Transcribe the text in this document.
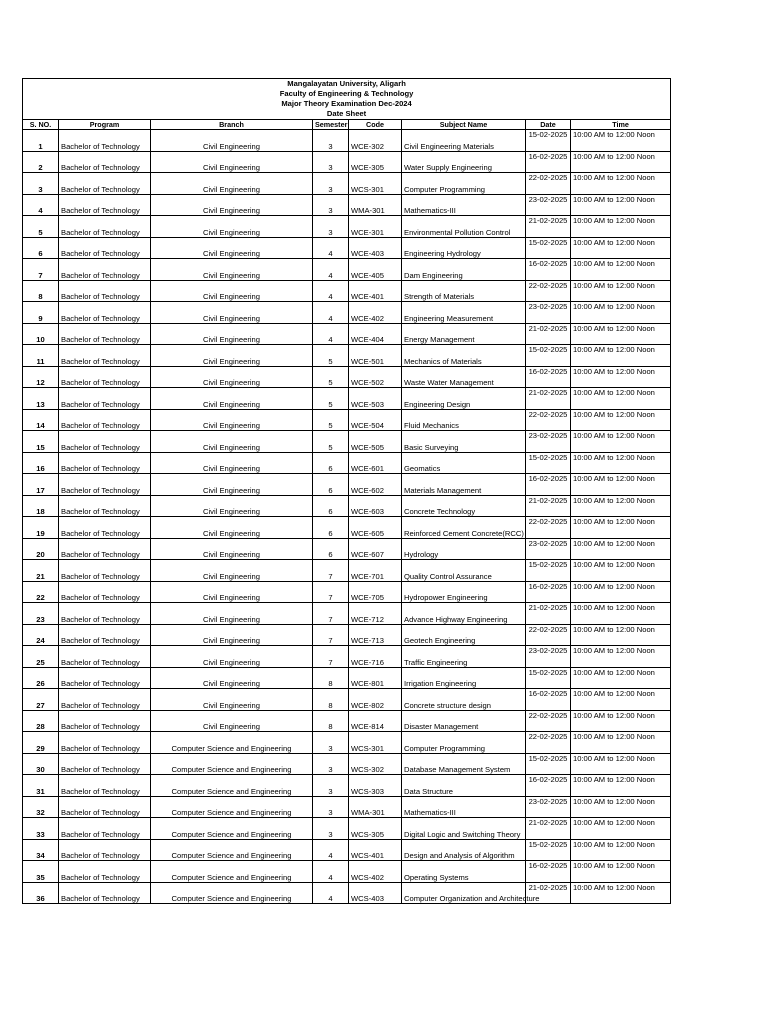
Mangalayatan University, Aligarh
Faculty of Engineering & Technology
Major Theory Examination Dec-2024
Date Sheet							

S. NO.	Program	Branch	Semester	Code	Subject Name	Date	Time
1	Bachelor of Technology	Civil Engineering	3	WCE-302	Civil Engineering Materials	15-02-2025	10:00 AM to 12:00 Noon
2	Bachelor of Technology	Civil Engineering	3	WCE-305	Water Supply Engineering	16-02-2025	10:00 AM to 12:00 Noon
3	Bachelor of Technology	Civil Engineering	3	WCS-301	Computer Programming	22-02-2025	10:00 AM to 12:00 Noon
4	Bachelor of Technology	Civil Engineering	3	WMA-301	Mathematics-III	23-02-2025	10:00 AM to 12:00 Noon
5	Bachelor of Technology	Civil Engineering	3	WCE-301	Environmental Pollution Control	21-02-2025	10:00 AM to 12:00 Noon
6	Bachelor of Technology	Civil Engineering	4	WCE-403	Engineering Hydrology	15-02-2025	10:00 AM to 12:00 Noon
7	Bachelor of Technology	Civil Engineering	4	WCE-405	Dam Engineering	16-02-2025	10:00 AM to 12:00 Noon
8	Bachelor of Technology	Civil Engineering	4	WCE-401	Strength of Materials	22-02-2025	10:00 AM to 12:00 Noon
9	Bachelor of Technology	Civil Engineering	4	WCE-402	Engineering Measurement	23-02-2025	10:00 AM to 12:00 Noon
10	Bachelor of Technology	Civil Engineering	4	WCE-404	Energy Management	21-02-2025	10:00 AM to 12:00 Noon
11	Bachelor of Technology	Civil Engineering	5	WCE-501	Mechanics of Materials	15-02-2025	10:00 AM to 12:00 Noon
12	Bachelor of Technology	Civil Engineering	5	WCE-502	Waste Water Management	16-02-2025	10:00 AM to 12:00 Noon
13	Bachelor of Technology	Civil Engineering	5	WCE-503	Engineering Design	21-02-2025	10:00 AM to 12:00 Noon
14	Bachelor of Technology	Civil Engineering	5	WCE-504	Fluid Mechanics	22-02-2025	10:00 AM to 12:00 Noon
15	Bachelor of Technology	Civil Engineering	5	WCE-505	Basic Surveying	23-02-2025	10:00 AM to 12:00 Noon
16	Bachelor of Technology	Civil Engineering	6	WCE-601	Geomatics	15-02-2025	10:00 AM to 12:00 Noon
17	Bachelor of Technology	Civil Engineering	6	WCE-602	Materials Management	16-02-2025	10:00 AM to 12:00 Noon
18	Bachelor of Technology	Civil Engineering	6	WCE-603	Concrete Technology	21-02-2025	10:00 AM to 12:00 Noon
19	Bachelor of Technology	Civil Engineering	6	WCE-605	Reinforced Cement Concrete(RCC)	22-02-2025	10:00 AM to 12:00 Noon
20	Bachelor of Technology	Civil Engineering	6	WCE-607	Hydrology	23-02-2025	10:00 AM to 12:00 Noon
21	Bachelor of Technology	Civil Engineering	7	WCE-701	Quality Control Assurance	15-02-2025	10:00 AM to 12:00 Noon
22	Bachelor of Technology	Civil Engineering	7	WCE-705	Hydropower Engineering	16-02-2025	10:00 AM to 12:00 Noon
23	Bachelor of Technology	Civil Engineering	7	WCE-712	Advance Highway Engineering	21-02-2025	10:00 AM to 12:00 Noon
24	Bachelor of Technology	Civil Engineering	7	WCE-713	Geotech Engineering	22-02-2025	10:00 AM to 12:00 Noon
25	Bachelor of Technology	Civil Engineering	7	WCE-716	Traffic Engineering	23-02-2025	10:00 AM to 12:00 Noon
26	Bachelor of Technology	Civil Engineering	8	WCE-801	Irrigation Engineering	15-02-2025	10:00 AM to 12:00 Noon
27	Bachelor of Technology	Civil Engineering	8	WCE-802	Concrete structure design	16-02-2025	10:00 AM to 12:00 Noon
28	Bachelor of Technology	Civil Engineering	8	WCE-814	Disaster Management	22-02-2025	10:00 AM to 12:00 Noon
29	Bachelor of Technology	Computer Science and Engineering	3	WCS-301	Computer Programming	22-02-2025	10:00 AM to 12:00 Noon
30	Bachelor of Technology	Computer Science and Engineering	3	WCS-302	Database Management System	15-02-2025	10:00 AM to 12:00 Noon
31	Bachelor of Technology	Computer Science and Engineering	3	WCS-303	Data Structure	16-02-2025	10:00 AM to 12:00 Noon
32	Bachelor of Technology	Computer Science and Engineering	3	WMA-301	Mathematics-III	23-02-2025	10:00 AM to 12:00 Noon
33	Bachelor of Technology	Computer Science and Engineering	3	WCS-305	Digital Logic and Switching Theory	21-02-2025	10:00 AM to 12:00 Noon
34	Bachelor of Technology	Computer Science and Engineering	4	WCS-401	Design and Analysis of Algorithm	15-02-2025	10:00 AM to 12:00 Noon
35	Bachelor of Technology	Computer Science and Engineering	4	WCS-402	Operating Systems	16-02-2025	10:00 AM to 12:00 Noon
36	Bachelor of Technology	Computer Science and Engineering	4	WCS-403	Computer Organization and Architecture	21-02-2025	10:00 AM to 12:00 Noon
